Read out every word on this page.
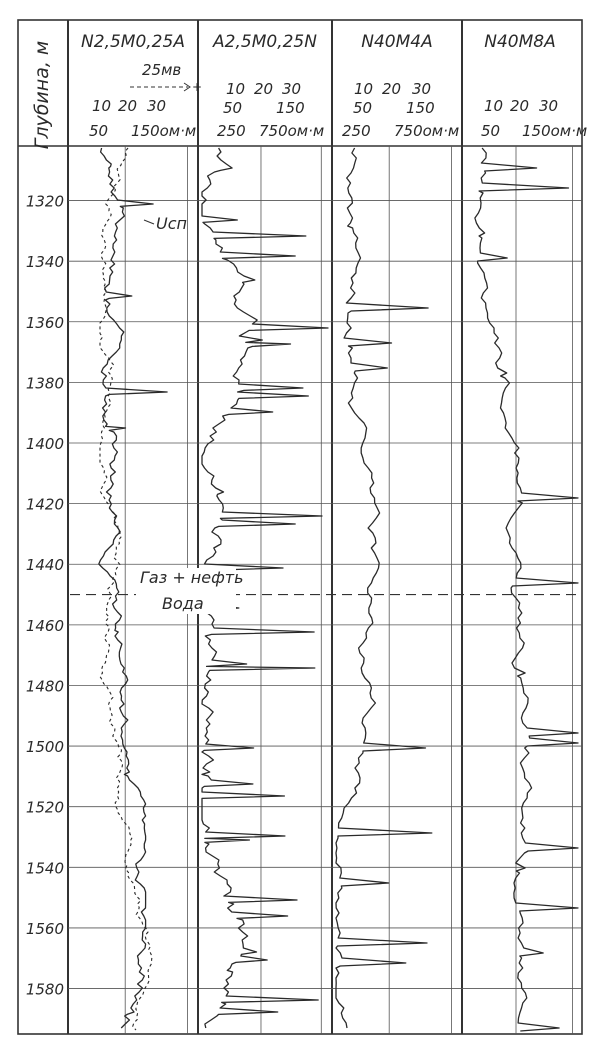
Глубина, м
1320
1340
1360
1380
1400
1420
1440
1460
1480
1500
1520
1540
1560
1580
N2,5M0,25A
25мв
+
10 20 30
50 150ом·м
A2,5M0,25N
10 20 30
50 150
250 750ом·м
N40M4A
10 20 30
50 150
250 750ом·м
N40M8A
10 20 30
50 150ом·м
Uсп
Газ + нефть
Вода
